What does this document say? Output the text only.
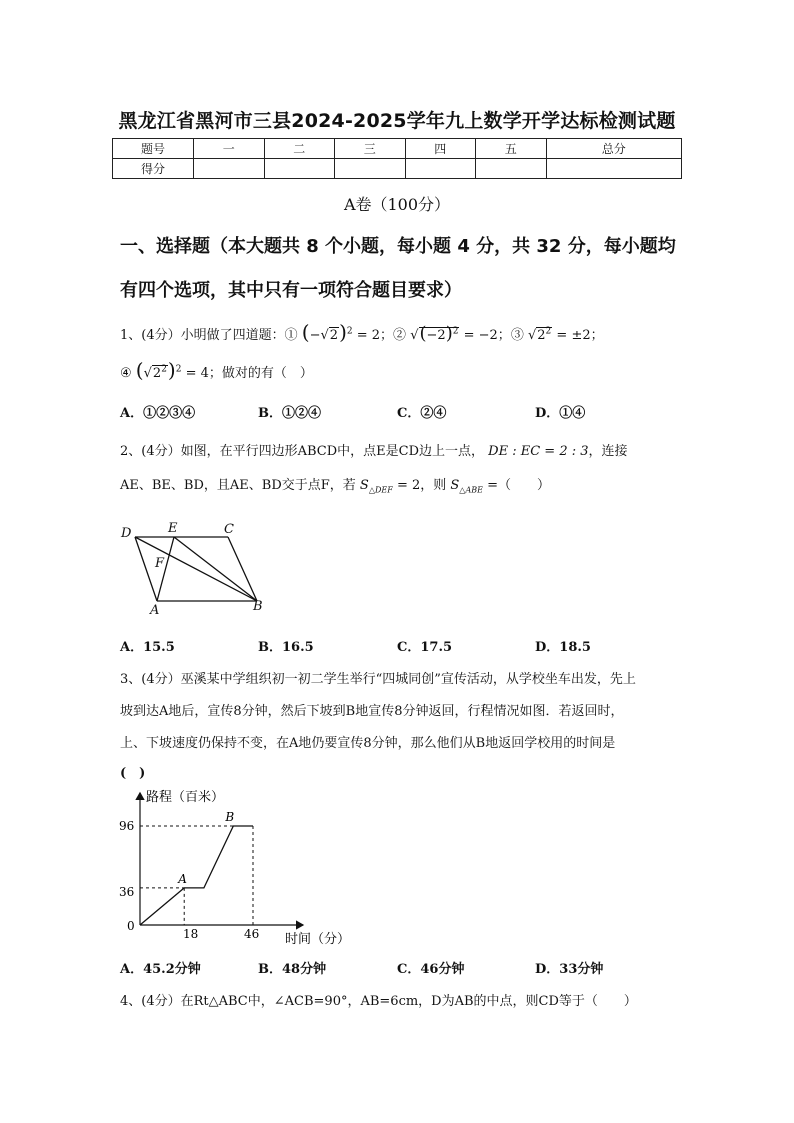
黑龙江省黑河市三县2024-2025学年九上数学开学达标检测试题
题号	一	二	三	四	五	总分
得分						
A卷（100分）
一、选择题（本大题共 8 个小题，每小题 4 分，共 32 分，每小题均
有四个选项，其中只有一项符合题目要求）
1、(4分）小明做了四道题：① $(-√2)^2 = 2$；② $√(-2)^2 = -2$；③ $√2^2 = \pm 2$；
④ $(√2^2)^2 = 4$；做对的有（　）
A．①②③④	B．①②④	C．②④	D．①④
2、(4分）如图，在平行四边形ABCD中，点E是CD边上一点， DE : EC = 2 : 3，连接
AE、BE、BD，且AE、BD交于点F，若 $S_{\triangle DEF} = 2$，则 $S_{\triangle ABE}$ =（　　）
D	E	C
F
A	B
A．15.5	B．16.5	C．17.5	D．18.5
3、(4分）巫溪某中学组织初一初二学生举行“四城同创”宣传活动，从学校坐车出发，先上
坡到达A地后，宣传8分钟，然后下坡到B地宣传8分钟返回，行程情况如图．若返回时，
上、下坡速度仍保持不变，在A地仍要宣传8分钟，那么他们从B地返回学校用的时间是
(　)
路程（百米）
时间（分）
0
96
36
18	46
A
B
A．45.2分钟	B．48分钟	C．46分钟	D．33分钟
4、(4分）在Rt△ABC中，∠ACB=90°，AB=6cm，D为AB的中点，则CD等于（　　）
